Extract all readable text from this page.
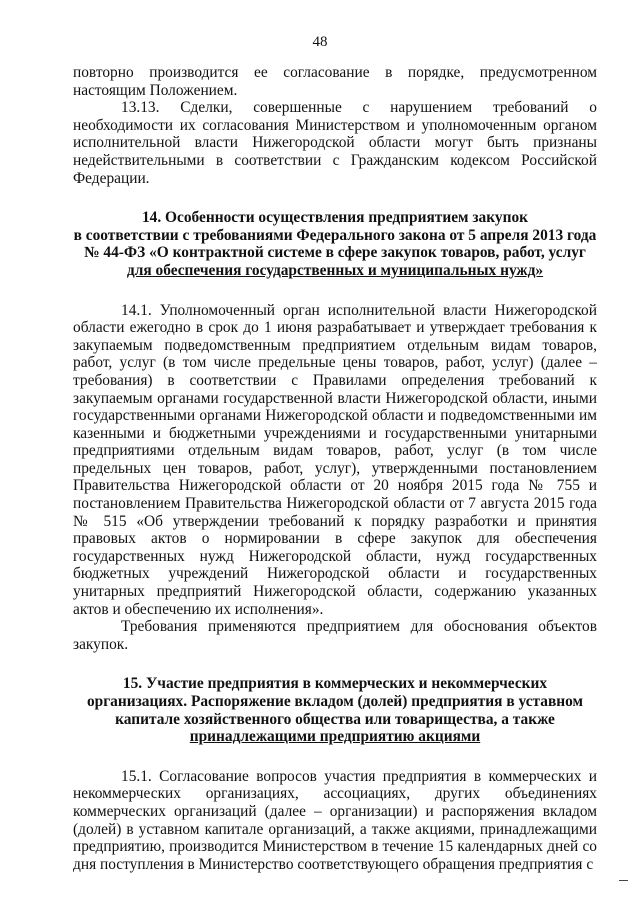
48

повторно производится ее согласование в порядке, предусмотренном настоящим Положением.

13.13. Сделки, совершенные с нарушением требований о необходимости их согласования Министерством и уполномоченным органом исполнительной власти Нижегородской области могут быть признаны недействительными в соответствии с Гражданским кодексом Российской Федерации.

14. Особенности осуществления предприятием закупок
в соответствии с требованиями Федерального закона от 5 апреля 2013 года
№ 44-ФЗ «О контрактной системе в сфере закупок товаров, работ, услуг
для обеспечения государственных и муниципальных нужд»

14.1. Уполномоченный орган исполнительной власти Нижегородской области ежегодно в срок до 1 июня разрабатывает и утверждает требования к закупаемым подведомственным предприятием отдельным видам товаров, работ, услуг (в том числе предельные цены товаров, работ, услуг) (далее – требования) в соответствии с Правилами определения требований к закупаемым органами государственной власти Нижегородской области, иными государственными органами Нижегородской области и подведомственными им казенными и бюджетными учреждениями и государственными унитарными предприятиями отдельным видам товаров, работ, услуг (в том числе предельных цен товаров, работ, услуг), утвержденными постановлением Правительства Нижегородской области от 20 ноября 2015 года № 755 и постановлением Правительства Нижегородской области от 7 августа 2015 года № 515 «Об утверждении требований к порядку разработки и принятия правовых актов о нормировании в сфере закупок для обеспечения государственных нужд Нижегородской области, нужд государственных бюджетных учреждений Нижегородской области и государственных унитарных предприятий Нижегородской области, содержанию указанных актов и обеспечению их исполнения».

Требования применяются предприятием для обоснования объектов закупок.

15. Участие предприятия в коммерческих и некоммерческих
организациях. Распоряжение вкладом (долей) предприятия в уставном
капитале хозяйственного общества или товарищества, а также
принадлежащими предприятию акциями

15.1. Согласование вопросов участия предприятия в коммерческих и некоммерческих организациях, ассоциациях, других объединениях коммерческих организаций (далее – организации) и распоряжения вкладом (долей) в уставном капитале организаций, а также акциями, принадлежащими предприятию, производится Министерством в течение 15 календарных дней со дня поступления в Министерство соответствующего обращения предприятия с
